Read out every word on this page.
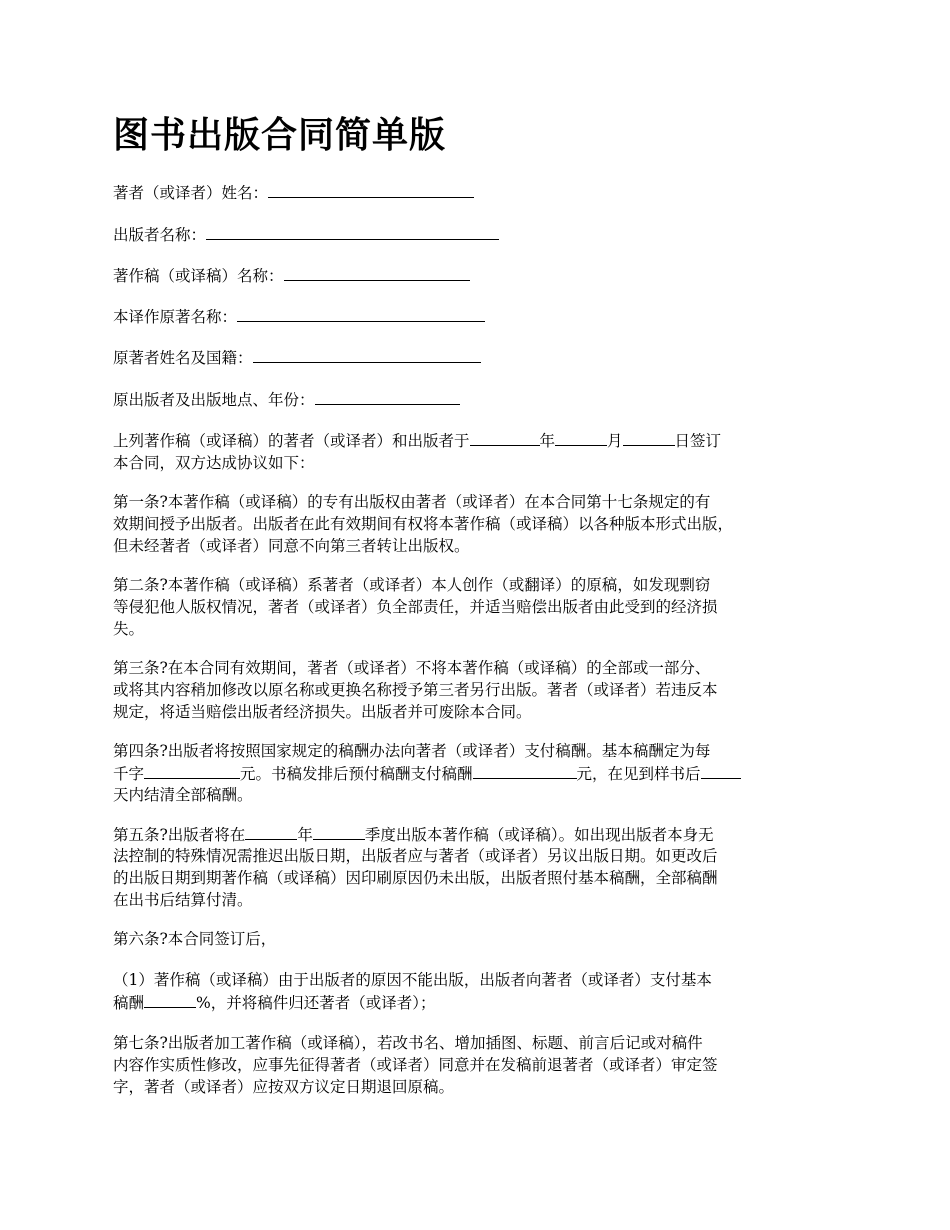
图书出版合同简单版
著者（或译者）姓名：
出版者名称：
著作稿（或译稿）名称：
本译作原著名称：
原著者姓名及国籍：
原出版者及出版地点、年份：
上列著作稿（或译稿）的著者（或译者）和出版者于	年	月	日签订
本合同，双方达成协议如下：
第一条?本著作稿（或译稿）的专有出版权由著者（或译者）在本合同第十七条规定的有
效期间授予出版者。出版者在此有效期间有权将本著作稿（或译稿）以各种版本形式出版，
但未经著者（或译者）同意不向第三者转让出版权。
第二条?本著作稿（或译稿）系著者（或译者）本人创作（或翻译）的原稿，如发现剽窃
等侵犯他人版权情况，著者（或译者）负全部责任，并适当赔偿出版者由此受到的经济损
失。
第三条?在本合同有效期间，著者（或译者）不将本著作稿（或译稿）的全部或一部分、
或将其内容稍加修改以原名称或更换名称授予第三者另行出版。著者（或译者）若违反本
规定，将适当赔偿出版者经济损失。出版者并可废除本合同。
第四条?出版者将按照国家规定的稿酬办法向著者（或译者）支付稿酬。基本稿酬定为每
千字	元。书稿发排后预付稿酬支付稿酬	元，在见到样书后
天内结清全部稿酬。
第五条?出版者将在	年	季度出版本著作稿（或译稿）。如出现出版者本身无
法控制的特殊情况需推迟出版日期，出版者应与著者（或译者）另议出版日期。如更改后
的出版日期到期著作稿（或译稿）因印刷原因仍未出版，出版者照付基本稿酬，全部稿酬
在出书后结算付清。
第六条?本合同签订后，
（1）著作稿（或译稿）由于出版者的原因不能出版，出版者向著者（或译者）支付基本
稿酬	%，并将稿件归还著者（或译者）；
第七条?出版者加工著作稿（或译稿），若改书名、增加插图、标题、前言后记或对稿件
内容作实质性修改，应事先征得著者（或译者）同意并在发稿前退著者（或译者）审定签
字，著者（或译者）应按双方议定日期退回原稿。
